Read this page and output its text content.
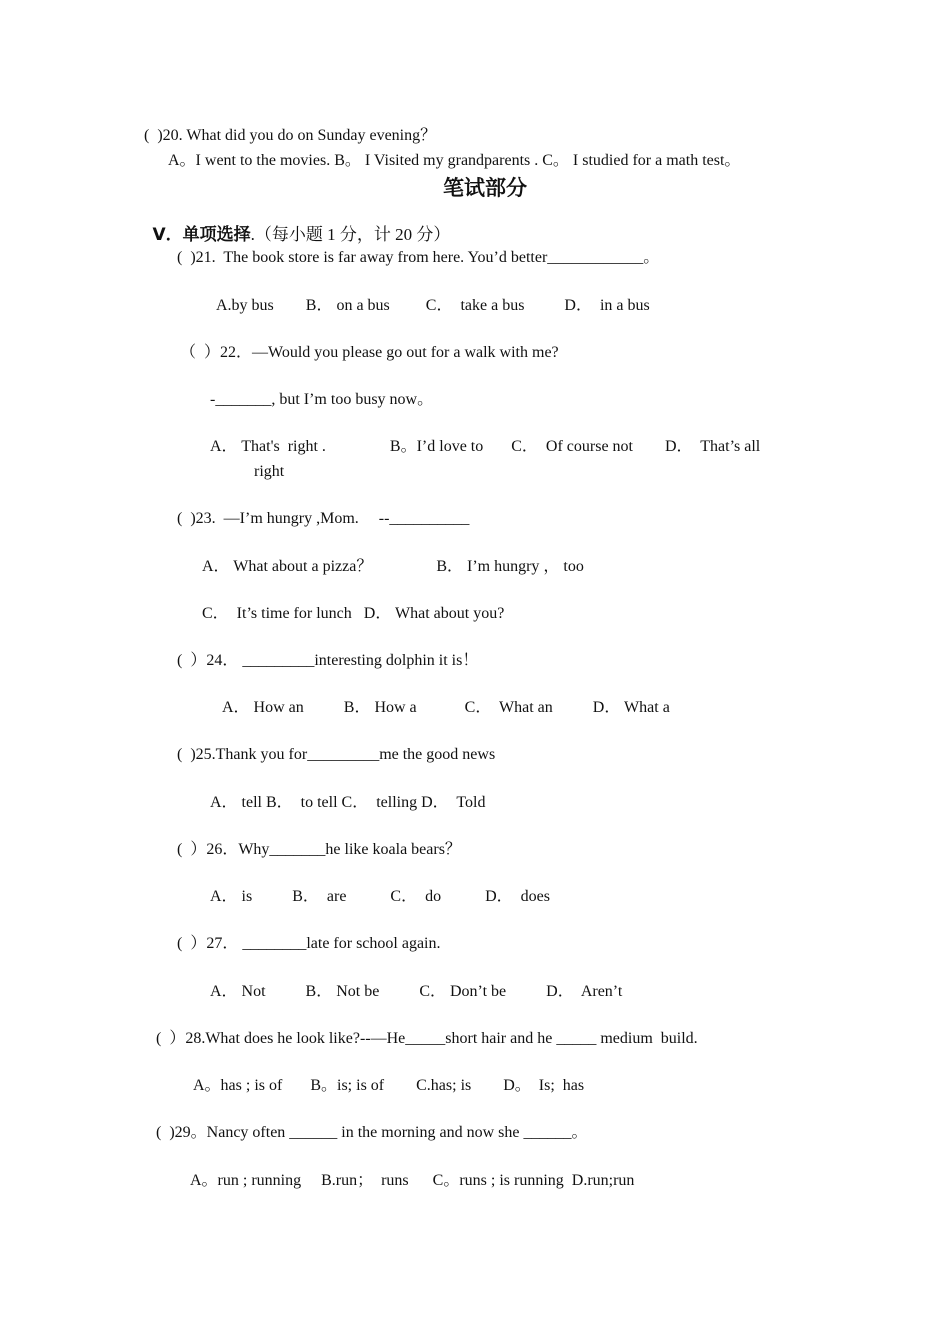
(  )20. What did you do on Sunday evening？
A。I went to the movies. B。 I Visited my grandparents . C。 I studied for a math test。
笔试部分

V．单项选择.（每小题 1 分，计 20 分）

(  )21.  The book store is far away from here. You’d better____________。
A.by bus        B． on a bus         C．  take a bus          D．  in a bus
（  ）22．—Would you please go out for a walk with me?
-_______, but I’m too busy now。
A． That's  right .                B。I’d love to       C．  Of course not        D．  That’s all
right
(  )23.  —I’m hungry ,Mom.     --__________
A． What about a pizza？                B． I’m hungry ， too
C．  It’s time for lunch   D． What about you?
(  ）24． _________interesting dolphin it is！
A． How an          B． How a            C．  What an          D． What a
(  )25.Thank you for_________me the good news
A． tell B．  to tell C．  telling D．  Told
(  ）26．Why_______he like koala bears？
A． is          B．  are           C．  do           D．  does
(  ）27． ________late for school again.
A． Not          B． Not be          C． Don’t be          D．  Aren’t
(  ）28.What does he look like?--—He_____short hair and he _____ medium  build.
A。has ; is of       B。is; is of        C.has; is        D。  Is;  has
(  )29。Nancy often ______ in the morning and now she ______。
A。run ; running     B.run；  runs      C。runs ; is running  D.run;run
